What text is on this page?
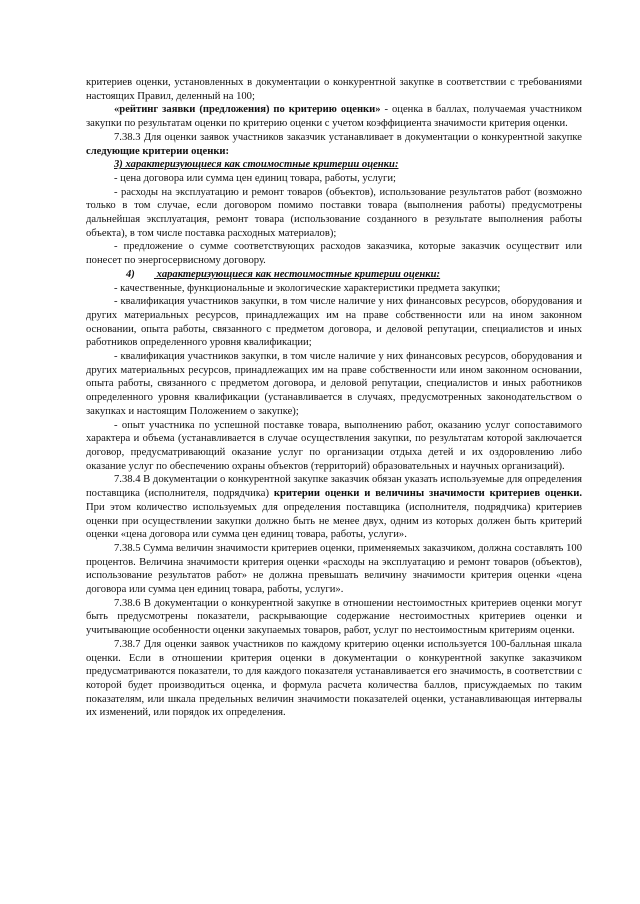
критериев оценки, установленных в документации о конкурентной закупке в соответствии с требованиями настоящих Правил, деленный на 100;

«рейтинг заявки (предложения) по критерию оценки» - оценка в баллах, получаемая участником закупки по результатам оценки по критерию оценки с учетом коэффициента значимости критерия оценки.

7.38.3 Для оценки заявок участников заказчик устанавливает в документации о конкурентной закупке следующие критерии оценки:

3) характеризующиеся как стоимостные критерии оценки:

- цена договора или сумма цен единиц товара, работы, услуги;

- расходы на эксплуатацию и ремонт товаров (объектов), использование результатов работ (возможно только в том случае, если договором помимо поставки товара (выполнения работы) предусмотрены дальнейшая эксплуатация, ремонт товара (использование созданного в результате выполнения работы объекта), в том числе поставка расходных материалов);

- предложение о сумме соответствующих расходов заказчика, которые заказчик осуществит или понесет по энергосервисному договору.

4) характеризующиеся как нестоимостные критерии оценки:

- качественные, функциональные и экологические характеристики предмета закупки;

- квалификация участников закупки, в том числе наличие у них финансовых ресурсов, оборудования и других материальных ресурсов, принадлежащих им на праве собственности или на ином законном основании, опыта работы, связанного с предметом договора, и деловой репутации, специалистов и иных работников определенного уровня квалификации;

- квалификация участников закупки, в том числе наличие у них финансовых ресурсов, оборудования и других материальных ресурсов, принадлежащих им на праве собственности или ином законном основании, опыта работы, связанного с предметом договора, и деловой репутации, специалистов и иных работников определенного уровня квалификации (устанавливается в случаях, предусмотренных законодательством о закупках и настоящим Положением о закупке);

- опыт участника по успешной поставке товара, выполнению работ, оказанию услуг сопоставимого характера и объема (устанавливается в случае осуществления закупки, по результатам которой заключается договор, предусматривающий оказание услуг по организации отдыха детей и их оздоровлению либо оказание услуг по обеспечению охраны объектов (территорий) образовательных и научных организаций).

7.38.4 В документации о конкурентной закупке заказчик обязан указать используемые для определения поставщика (исполнителя, подрядчика) критерии оценки и величины значимости критериев оценки. При этом количество используемых для определения поставщика (исполнителя, подрядчика) критериев оценки при осуществлении закупки должно быть не менее двух, одним из которых должен быть критерий оценки «цена договора или сумма цен единиц товара, работы, услуги».

7.38.5 Сумма величин значимости критериев оценки, применяемых заказчиком, должна составлять 100 процентов. Величина значимости критерия оценки «расходы на эксплуатацию и ремонт товаров (объектов), использование результатов работ» не должна превышать величину значимости критерия оценки «цена договора или сумма цен единиц товара, работы, услуги».

7.38.6 В документации о конкурентной закупке в отношении нестоимостных критериев оценки могут быть предусмотрены показатели, раскрывающие содержание нестоимостных критериев оценки и учитывающие особенности оценки закупаемых товаров, работ, услуг по нестоимостным критериям оценки.

7.38.7 Для оценки заявок участников по каждому критерию оценки используется 100-балльная шкала оценки. Если в отношении критерия оценки в документации о конкурентной закупке заказчиком предусматриваются показатели, то для каждого показателя устанавливается его значимость, в соответствии с которой будет производиться оценка, и формула расчета количества баллов, присуждаемых по таким показателям, или шкала предельных величин значимости показателей оценки, устанавливающая интервалы их изменений, или порядок их определения.
